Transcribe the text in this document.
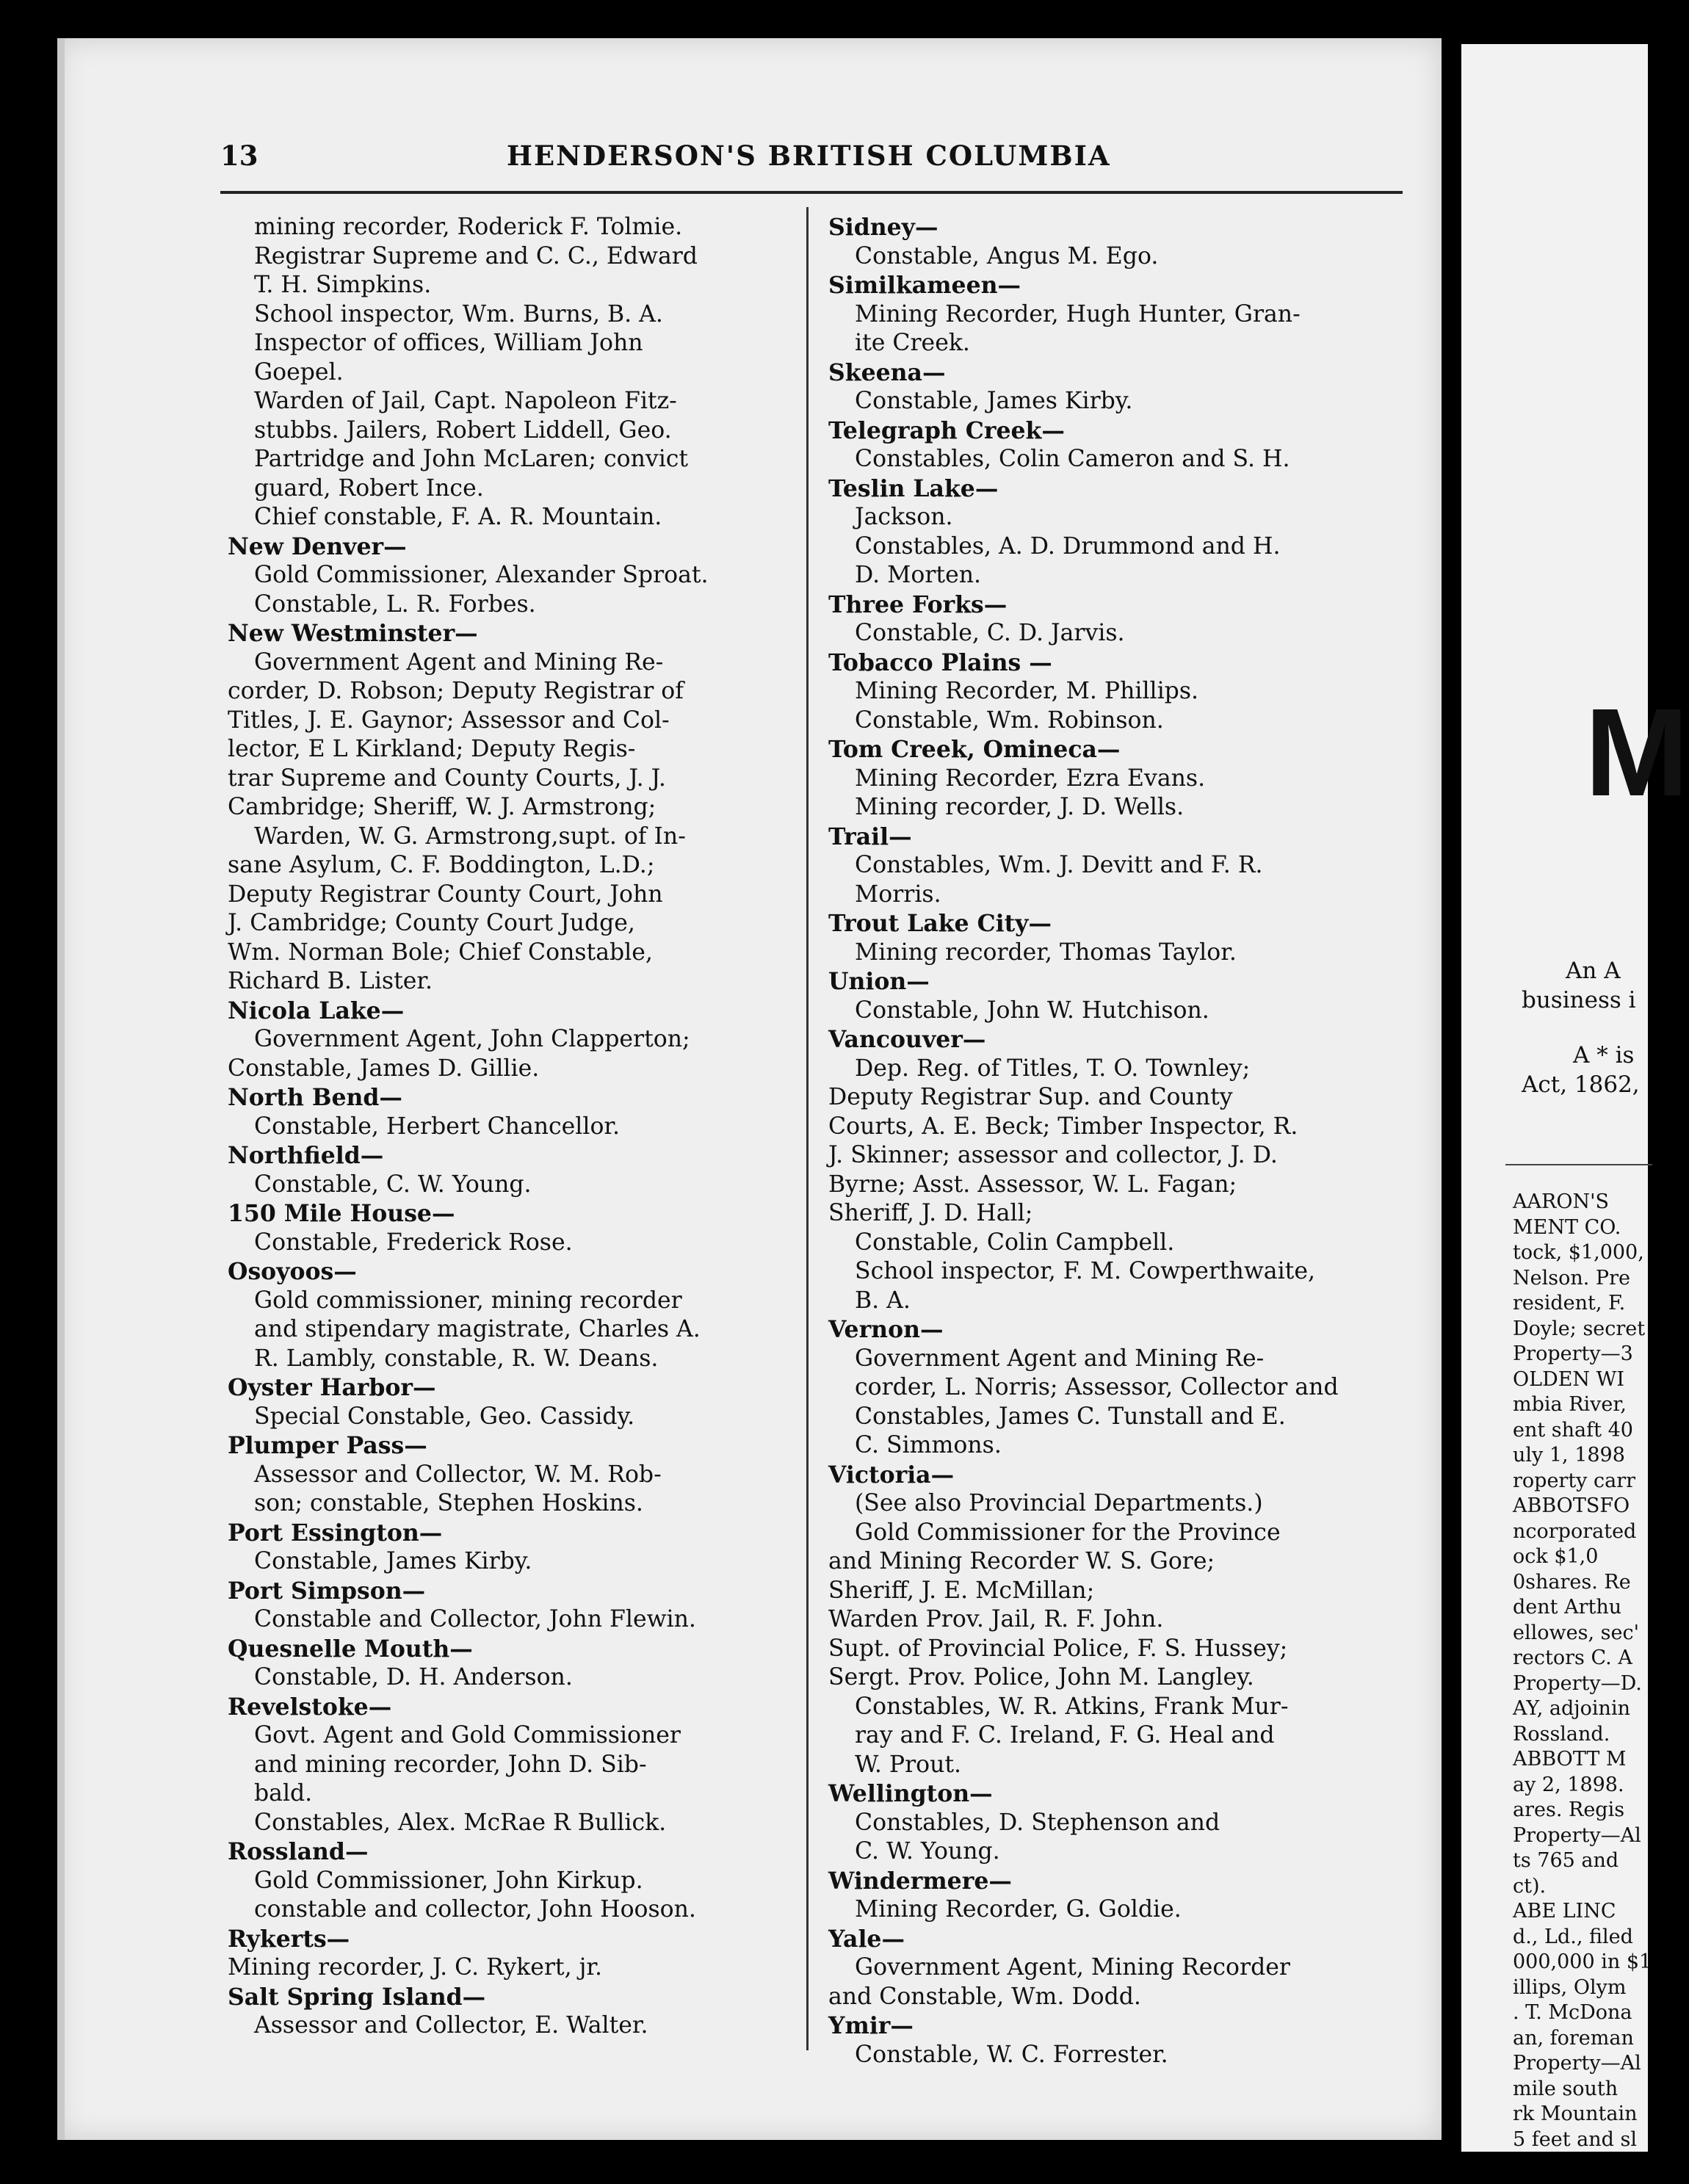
13	HENDERSON'S BRITISH COLUMBIA
mining recorder, Roderick F. Tolmie.
Registrar Supreme and C. C., Edward
T. H. Simpkins.
School inspector, Wm. Burns, B. A.
Inspector of offices, William John
Goepel.
Warden of Jail, Capt. Napoleon Fitz-
stubbs. Jailers, Robert Liddell, Geo.
Partridge and John McLaren; convict
guard, Robert Ince.
Chief constable, F. A. R. Mountain.
New Denver—
Gold Commissioner, Alexander Sproat.
Constable, L. R. Forbes.
New Westminster—
Government Agent and Mining Re-
corder, D. Robson; Deputy Registrar of
Titles, J. E. Gaynor; Assessor and Col-
lector, E L Kirkland; Deputy Regis-
trar Supreme and County Courts, J. J.
Cambridge; Sheriff, W. J. Armstrong;
Warden, W. G. Armstrong,supt. of In-
sane Asylum, C. F. Boddington, L.D.;
Deputy Registrar County Court, John
J. Cambridge; County Court Judge,
Wm. Norman Bole; Chief Constable,
Richard B. Lister.
Nicola Lake—
Government Agent, John Clapperton;
Constable, James D. Gillie.
North Bend—
Constable, Herbert Chancellor.
Northfield—
Constable, C. W. Young.
150 Mile House—
Constable, Frederick Rose.
Osoyoos—
Gold commissioner, mining recorder
and stipendary magistrate, Charles A.
R. Lambly, constable, R. W. Deans.
Oyster Harbor—
Special Constable, Geo. Cassidy.
Plumper Pass—
Assessor and Collector, W. M. Rob-
son; constable, Stephen Hoskins.
Port Essington—
Constable, James Kirby.
Port Simpson—
Constable and Collector, John Flewin.
Quesnelle Mouth—
Constable, D. H. Anderson.
Revelstoke—
Govt. Agent and Gold Commissioner
and mining recorder, John D. Sib-
bald.
Constables, Alex. McRae R Bullick.
Rossland—
Gold Commissioner, John Kirkup.
constable and collector, John Hooson.
Rykerts—
Mining recorder, J. C. Rykert, jr.
Salt Spring Island—
Assessor and Collector, E. Walter.
Sidney—
Constable, Angus M. Ego.
Similkameen—
Mining Recorder, Hugh Hunter, Gran-
ite Creek.
Skeena—
Constable, James Kirby.
Telegraph Creek—
Constables, Colin Cameron and S. H.
Teslin Lake—
Jackson.
Constables, A. D. Drummond and H.
D. Morten.
Three Forks—
Constable, C. D. Jarvis.
Tobacco Plains —
Mining Recorder, M. Phillips.
Constable, Wm. Robinson.
Tom Creek, Omineca—
Mining Recorder, Ezra Evans.
Mining recorder, J. D. Wells.
Trail—
Constables, Wm. J. Devitt and F. R.
Morris.
Trout Lake City—
Mining recorder, Thomas Taylor.
Union—
Constable, John W. Hutchison.
Vancouver—
Dep. Reg. of Titles, T. O. Townley;
Deputy Registrar Sup. and County
Courts, A. E. Beck; Timber Inspector, R.
J. Skinner; assessor and collector, J. D.
Byrne; Asst. Assessor, W. L. Fagan;
Sheriff, J. D. Hall;
Constable, Colin Campbell.
School inspector, F. M. Cowperthwaite,
B. A.
Vernon—
Government Agent and Mining Re-
corder, L. Norris; Assessor, Collector and
Constables, James C. Tunstall and E.
C. Simmons.
Victoria—
(See also Provincial Departments.)
Gold Commissioner for the Province
and Mining Recorder W. S. Gore;
Sheriff, J. E. McMillan;
Warden Prov. Jail, R. F. John.
Supt. of Provincial Police, F. S. Hussey;
Sergt. Prov. Police, John M. Langley.
Constables, W. R. Atkins, Frank Mur-
ray and F. C. Ireland, F. G. Heal and
W. Prout.
Wellington—
Constables, D. Stephenson and
C. W. Young.
Windermere—
Mining Recorder, G. Goldie.
Yale—
Government Agent, Mining Recorder
and Constable, Wm. Dodd.
Ymir—
Constable, W. C. Forrester.
M
An A
business i
A * is
Act, 1862,
AARON'S
MENT CO.
tock, $1,000,
Nelson. Pre
resident, F.
Doyle; secret
Property—3
OLDEN WI
mbia River,
ent shaft 40
uly 1, 1898
roperty carr
ABBOTSFO
ncorporated
ock $1,0
0shares. Re
dent Arthu
ellowes, sec'
rectors C. A
Property—D.
AY, adjoinin
Rossland.
ABBOTT M
ay 2, 1898.
ares. Regis
Property—Al
ts 765 and
ct).
ABE LINC
d., Ld., filed
000,000 in $1
illips, Olym
. T. McDona
an, foreman
Property—Al
mile south
rk Mountain
5 feet and sl
